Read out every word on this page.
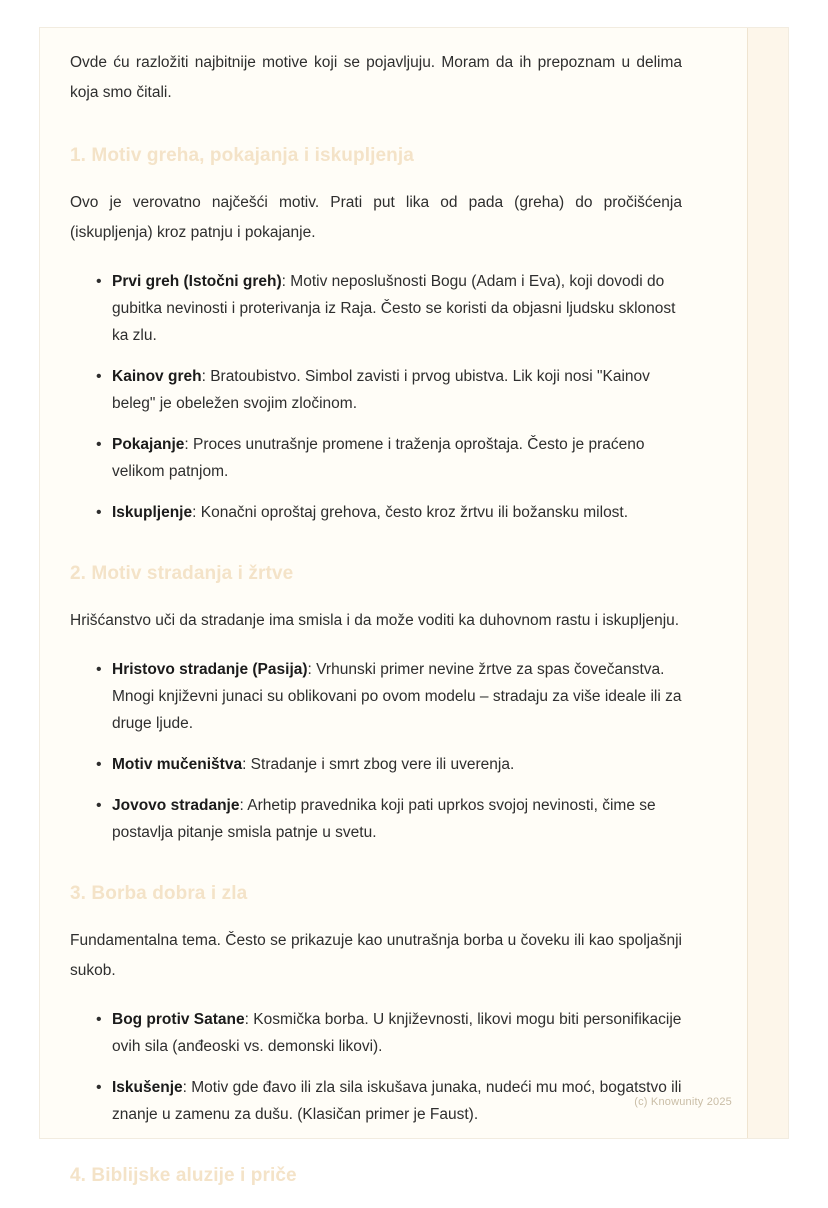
Ovde ću razložiti najbitnije motive koji se pojavljuju. Moram da ih prepoznam u delima koja smo čitali.

1. Motiv greha, pokajanja i iskupljenja

Ovo je verovatno najčešći motiv. Prati put lika od pada (greha) do pročišćenja (iskupljenja) kroz patnju i pokajanje.

• Prvi greh (Istočni greh): Motiv neposlušnosti Bogu (Adam i Eva), koji dovodi do gubitka nevinosti i proterivanja iz Raja. Često se koristi da objasni ljudsku sklonost ka zlu.
• Kainov greh: Bratoubistvo. Simbol zavisti i prvog ubistva. Lik koji nosi "Kainov beleg" je obeležen svojim zločinom.
• Pokajanje: Proces unutrašnje promene i traženja oproštaja. Često je praćeno velikom patnjom.
• Iskupljenje: Konačni oproštaj grehova, često kroz žrtvu ili božansku milost.
2. Motiv stradanja i žrtve

Hrišćanstvo uči da stradanje ima smisla i da može voditi ka duhovnom rastu i iskupljenju.

• Hristovo stradanje (Pasija): Vrhunski primer nevine žrtve za spas čovečanstva. Mnogi književni junaci su oblikovani po ovom modelu – stradaju za više ideale ili za druge ljude.
• Motiv mučeništva: Stradanje i smrt zbog vere ili uverenja.
• Jovovo stradanje: Arhetip pravednika koji pati uprkos svojoj nevinosti, čime se postavlja pitanje smisla patnje u svetu.
3. Borba dobra i zla

Fundamentalna tema. Često se prikazuje kao unutrašnja borba u čoveku ili kao spoljašnji sukob.

• Bog protiv Satane: Kosmička borba. U književnosti, likovi mogu biti personifikacije ovih sila (anđeoski vs. demonski likovi).
• Iskušenje: Motiv gde đavo ili zla sila iskušava junaka, nudeći mu moć, bogatstvo ili znanje u zamenu za dušu. (Klasičan primer je Faust).
4. Biblijske aluzije i priče
(c) Knowunity 2025
